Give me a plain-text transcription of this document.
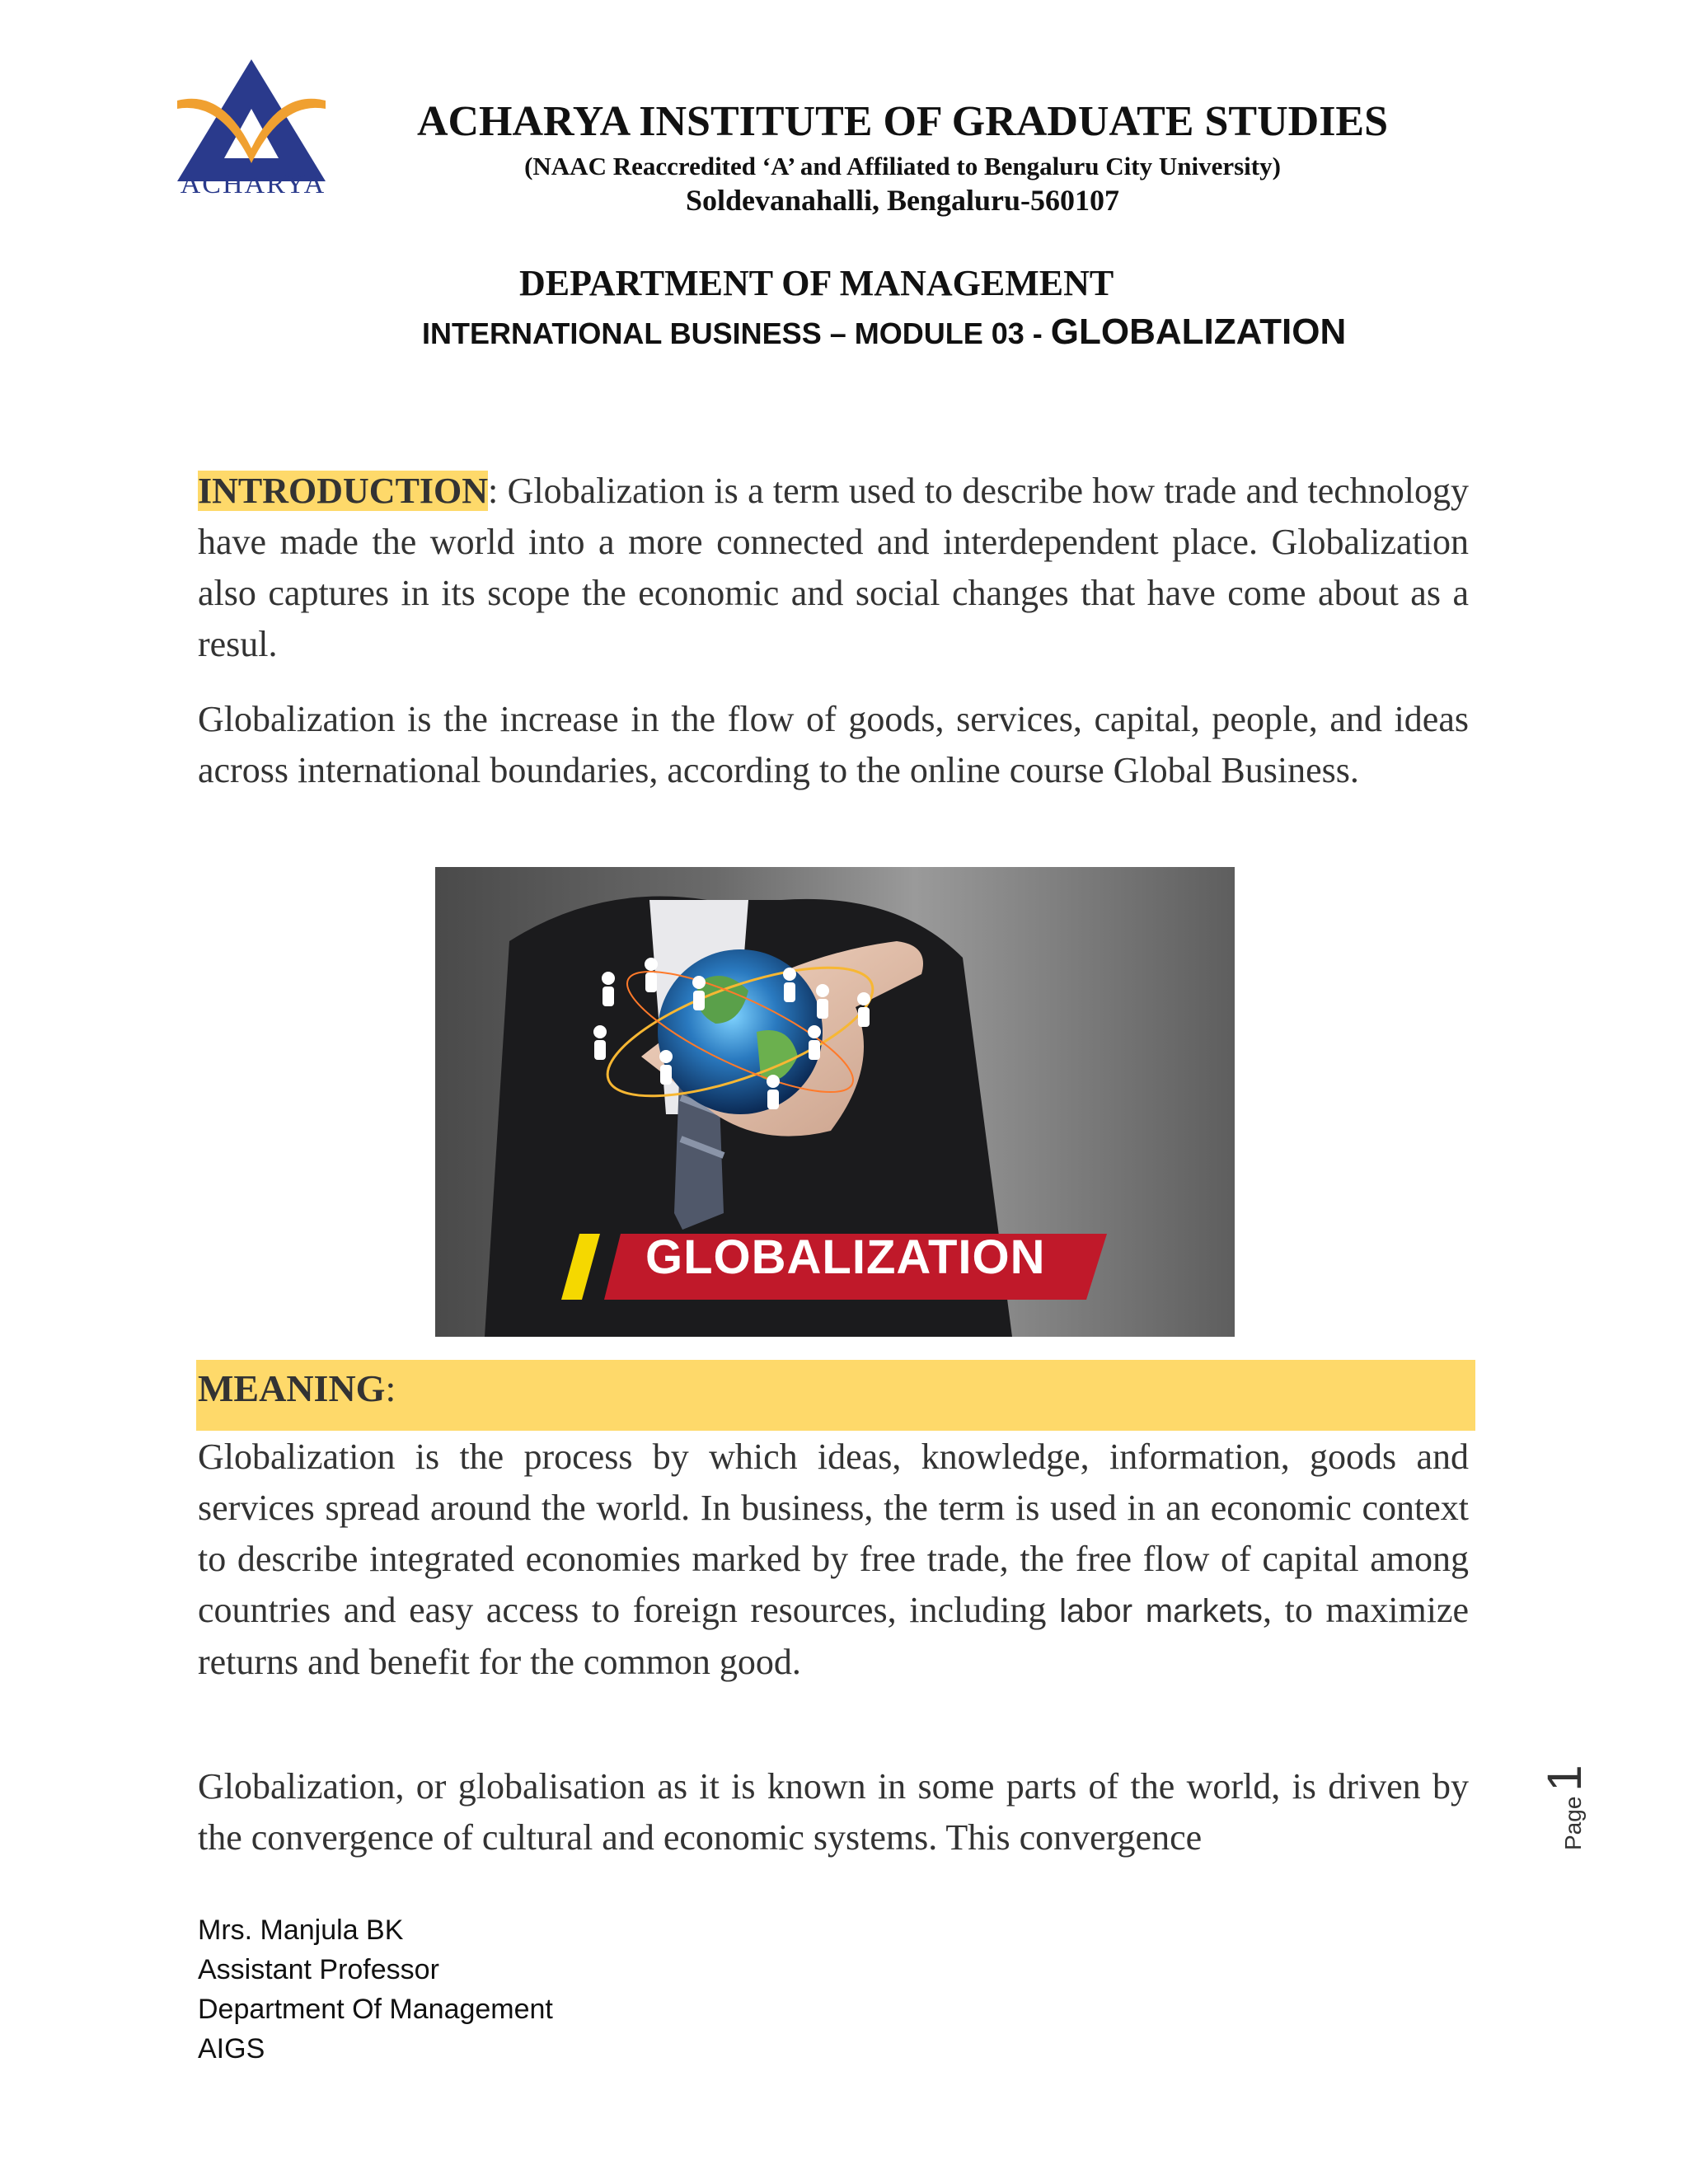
ACHARYA
ACHARYA INSTITUTE OF GRADUATE STUDIES
(NAAC Reaccredited ‘A’ and Affiliated to Bengaluru City University)
Soldevanahalli, Bengaluru-560107
DEPARTMENT OF MANAGEMENT
INTERNATIONAL BUSINESS – MODULE 03 - GLOBALIZATION
INTRODUCTION: Globalization is a term used to describe how trade and technology have made the world into a more connected and interdependent place. Globalization also captures in its scope the economic and social changes that have come about as a resul.
Globalization is the increase in the flow of goods, services, capital, people, and ideas across international boundaries, according to the online course Global Business.
GLOBALIZATION
MEANING:
Globalization is the process by which ideas, knowledge, information, goods and services spread around the world. In business, the term is used in an economic context to describe integrated economies marked by free trade, the free flow of capital among countries and easy access to foreign resources, including labor markets, to maximize returns and benefit for the common good.
Globalization, or globalisation as it is known in some parts of the world, is driven by the convergence of cultural and economic systems. This convergence	Page1
Mrs. Manjula BK
Assistant Professor
Department Of Management
AIGS
